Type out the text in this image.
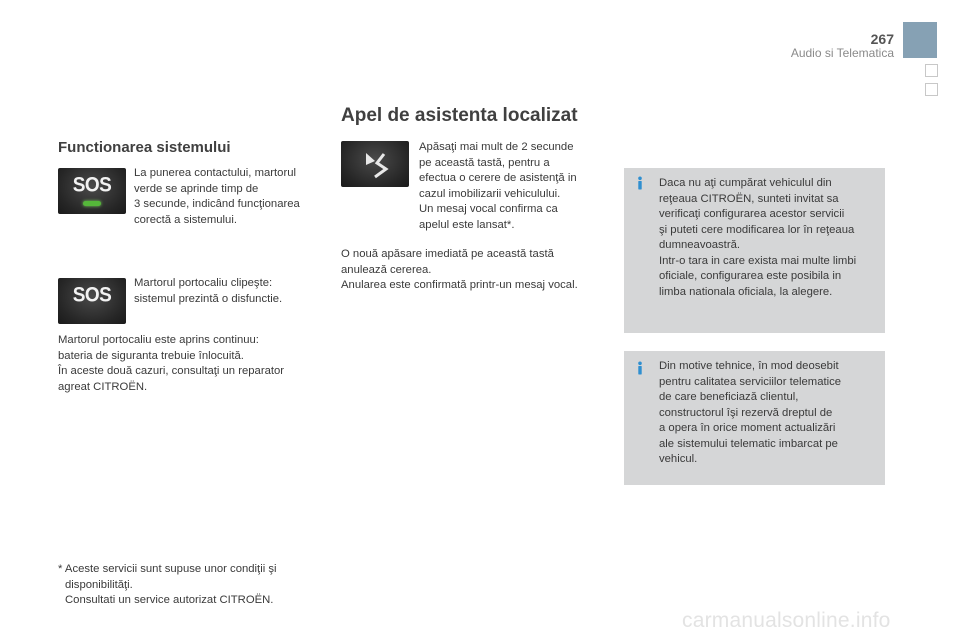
267
Audio si Telematica
Apel de asistenta localizat
Functionarea sistemului
SOS
La punerea contactului, martorul
verde se aprinde timp de
3 secunde, indicând funcţionarea
corectă a sistemului.
SOS
Martorul portocaliu clipeşte:
sistemul prezintă o disfunctie.
Martorul portocaliu este aprins continuu:
bateria de siguranta trebuie înlocuită.
În aceste două cazuri, consultaţi un reparator
agreat CITROËN.
* Aceste servicii sunt supuse unor condiţii şi
disponibilităţi.
Consultati un service autorizat CITROËN.
Apăsaţi mai mult de 2 secunde
pe această tastă, pentru a
efectua o cerere de asistenţă in
cazul imobilizarii vehiculului.
Un mesaj vocal confirma ca
apelul este lansat*.
O nouă apăsare imediată pe această tastă
anulează cererea.
Anularea este confirmată printr-un mesaj vocal.
Daca nu aţi cumpărat vehiculul din
reţeaua CITROËN, sunteti invitat sa
verificaţi configurarea acestor servicii
şi puteti cere modificarea lor în reţeaua
dumneavoastră.
Intr-o tara in care exista mai multe limbi
oficiale, configurarea este posibila in
limba nationala oficiala, la alegere.
Din motive tehnice, în mod deosebit
pentru calitatea serviciilor telematice
de care beneficiază clientul,
constructorul îşi rezervă dreptul de
a opera în orice moment actualizări
ale sistemului telematic imbarcat pe
vehicul.
carmanualsonline.info
